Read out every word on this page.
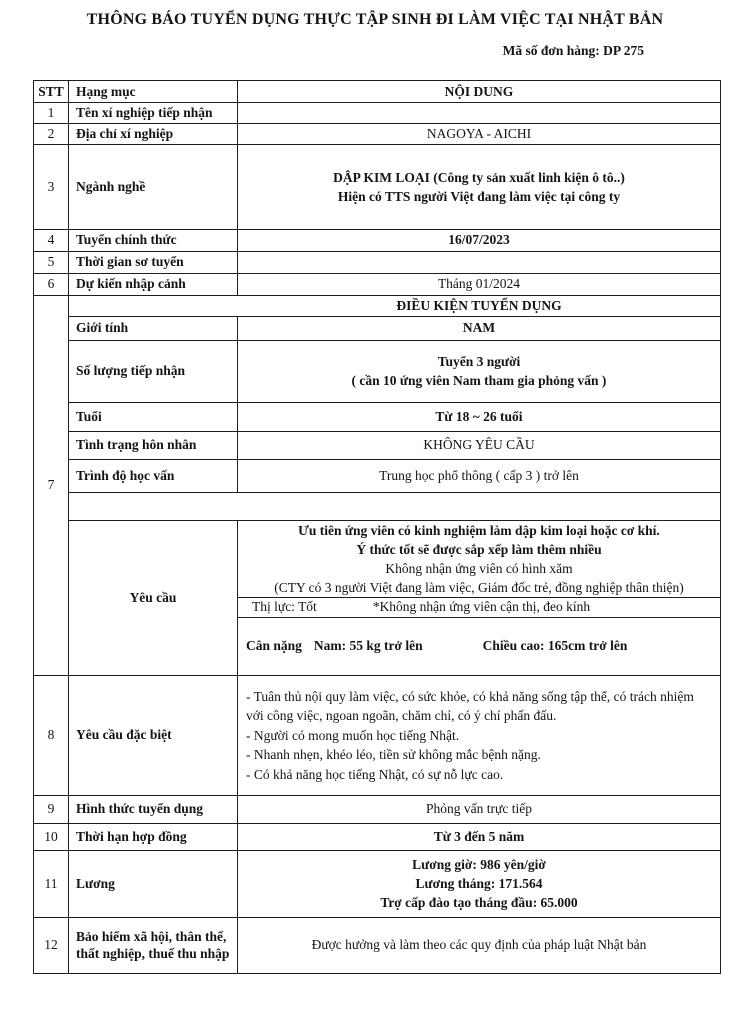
THÔNG BÁO TUYỂN DỤNG THỰC TẬP SINH ĐI LÀM VIỆC TẠI NHẬT BẢN
Mã số đơn hàng: DP 275
STT	Hạng mục	NỘI DUNG
1	Tên xí nghiệp tiếp nhận	
2	Địa chỉ xí nghiệp	NAGOYA - AICHI
3	Ngành nghề	DẬP KIM LOẠI (Công ty sản xuất linh kiện ô tô..)
Hiện có TTS người Việt đang làm việc tại công ty

4	Tuyển chính thức	16/07/2023
5	Thời gian sơ tuyển	
6	Dự kiến nhập cảnh	Tháng 01/2024
7	ĐIỀU KIỆN TUYỂN DỤNG	
	Giới tính	NAM
	Số lượng tiếp nhận	Tuyển 3 người
( cần 10 ứng viên Nam tham gia phỏng vấn )

	Tuổi	Từ 18 ~ 26 tuổi
	Tình trạng hôn nhân	KHÔNG YÊU CẦU
	Trình độ học vấn	Trung học phổ thông ( cấp 3 ) trở lên

	Yêu cầu	Ưu tiên ứng viên có kinh nghiệm làm dập kim loại hoặc cơ khí.
Ý thức tốt sẽ được sắp xếp làm thêm nhiều
Không nhận ứng viên có hình xăm
(CTY có 3 người Việt đang làm việc, Giám đốc trẻ, đồng nghiệp thân thiện)

		Thị lực: Tốt *Không nhận ứng viên cận thị, đeo kính

		Cân nặng Nam: 55 kg trở lên Chiều cao: 165cm trở lên

8	Yêu cầu đặc biệt	- Tuân thủ nội quy làm việc, có sức khỏe, có khả năng sống tập thể, có trách nhiệm với công việc, ngoan ngoãn, chăm chỉ, có ý chí phấn đấu.
- Người có mong muốn học tiếng Nhật.
- Nhanh nhẹn, khéo léo, tiền sử không mắc bệnh nặng.
- Có khả năng học tiếng Nhật, có sự nỗ lực cao.

9	Hình thức tuyển dụng	Phỏng vấn trực tiếp
10	Thời hạn hợp đồng	Từ 3 đến 5 năm
11	Lương	Lương giờ: 986 yên/giờ
Lương tháng: 171.564
Trợ cấp đào tạo tháng đầu: 65.000

12	Bảo hiểm xã hội, thân thể, thất nghiệp, thuế thu nhập	Được hưởng và làm theo các quy định của pháp luật Nhật bản
